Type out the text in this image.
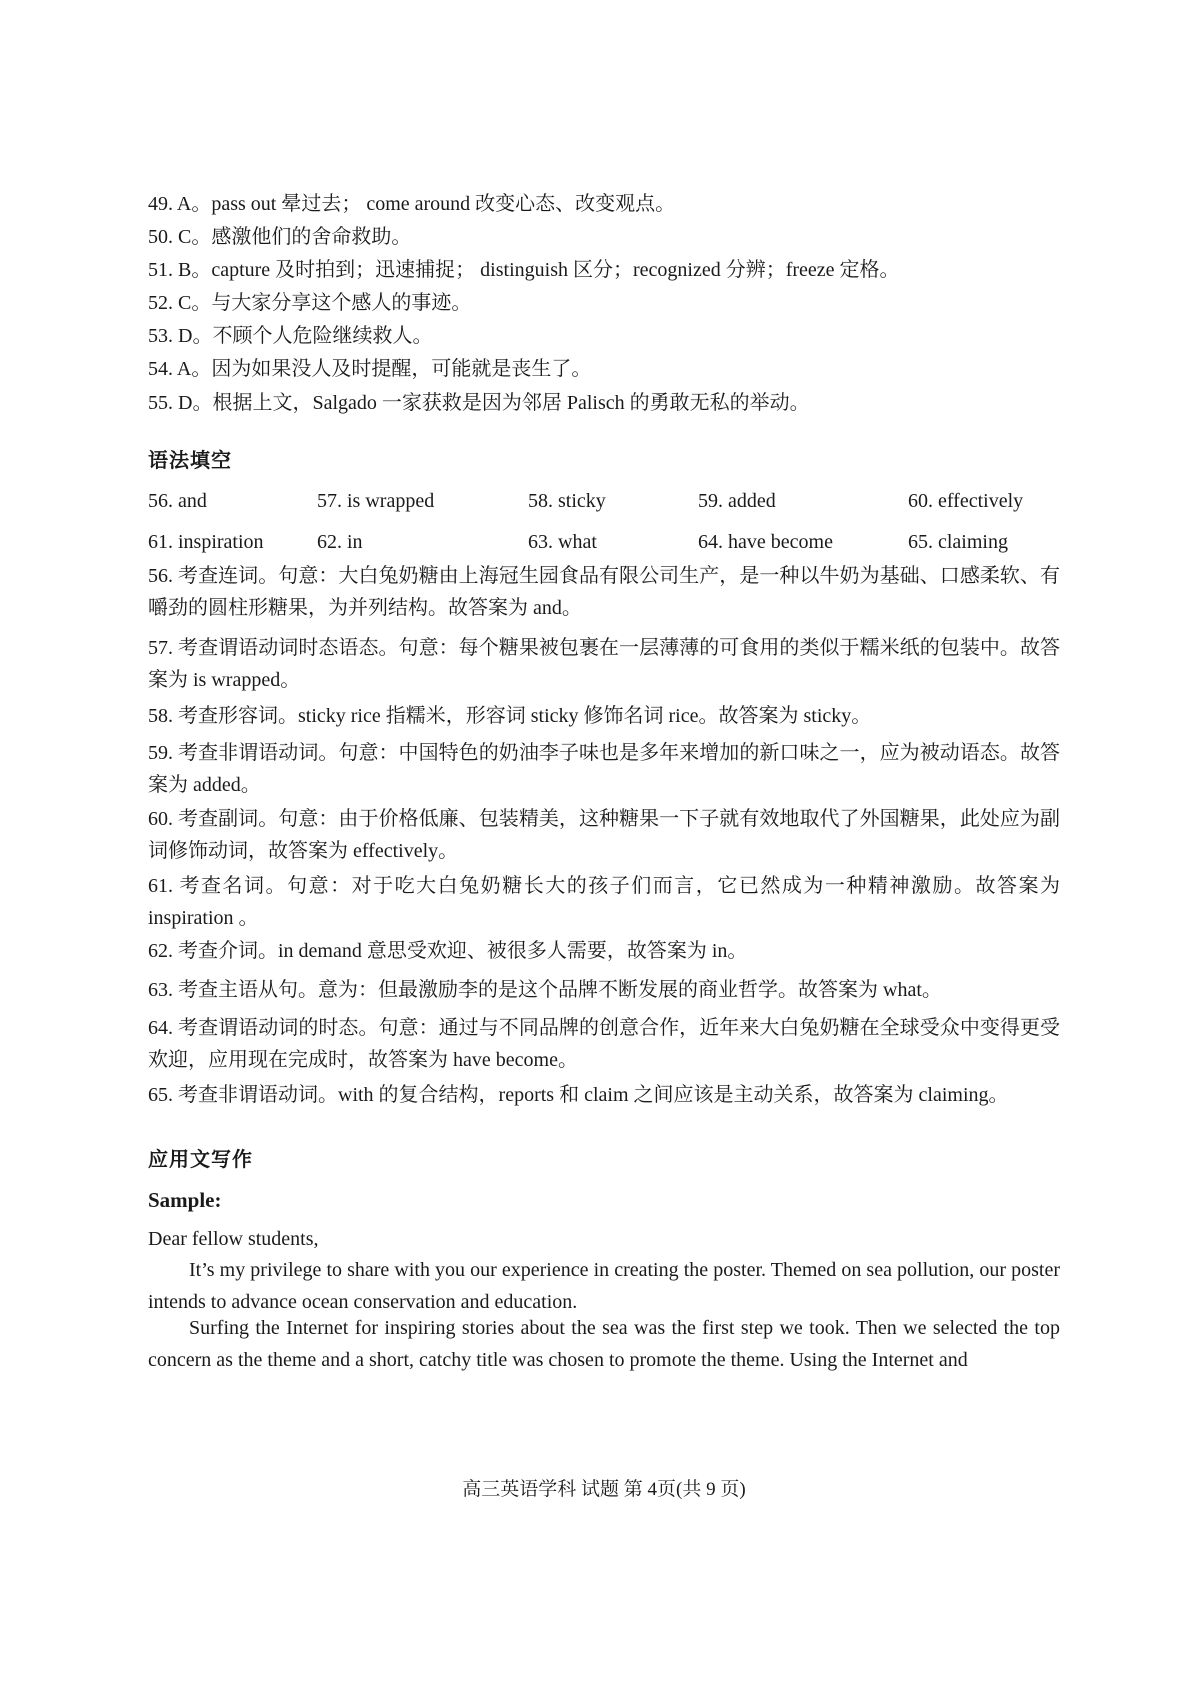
49. A。pass out 晕过去； come around 改变心态、改变观点。
50. C。感激他们的舍命救助。
51. B。capture 及时拍到；迅速捕捉； distinguish 区分；recognized 分辨；freeze 定格。
52. C。与大家分享这个感人的事迹。
53. D。不顾个人危险继续救人。
54. A。因为如果没人及时提醒，可能就是丧生了。
55. D。根据上文，Salgado 一家获救是因为邻居 Palisch 的勇敢无私的举动。
语法填空
56. and	57. is wrapped	58. sticky	59. added	60. effectively
61. inspiration	62. in	63. what	64. have become	65. claiming
56. 考查连词。句意：大白兔奶糖由上海冠生园食品有限公司生产，是一种以牛奶为基础、口感柔软、有嚼劲的圆柱形糖果，为并列结构。故答案为 and。
57. 考查谓语动词时态语态。句意：每个糖果被包裹在一层薄薄的可食用的类似于糯米纸的包装中。故答案为 is wrapped。
58. 考查形容词。sticky rice 指糯米，形容词 sticky 修饰名词 rice。故答案为 sticky。
59. 考查非谓语动词。句意：中国特色的奶油李子味也是多年来增加的新口味之一，应为被动语态。故答案为 added。
60. 考查副词。句意：由于价格低廉、包装精美，这种糖果一下子就有效地取代了外国糖果，此处应为副词修饰动词，故答案为 effectively。
61. 考查名词。句意：对于吃大白兔奶糖长大的孩子们而言，它已然成为一种精神激励。故答案为 inspiration 。
62. 考查介词。in demand 意思受欢迎、被很多人需要，故答案为 in。
63. 考查主语从句。意为：但最激励李的是这个品牌不断发展的商业哲学。故答案为 what。
64. 考查谓语动词的时态。句意：通过与不同品牌的创意合作，近年来大白兔奶糖在全球受众中变得更受欢迎，应用现在完成时，故答案为 have become。
65. 考查非谓语动词。with 的复合结构，reports 和 claim 之间应该是主动关系，故答案为 claiming。
应用文写作
Sample:
Dear fellow students,
It’s my privilege to share with you our experience in creating the poster. Themed on sea pollution, our poster intends to advance ocean conservation and education.
Surfing the Internet for inspiring stories about the sea was the first step we took. Then we selected the top concern as the theme and a short, catchy title was chosen to promote the theme. Using the Internet and
高三英语学科 试题 第 4页(共 9 页)
